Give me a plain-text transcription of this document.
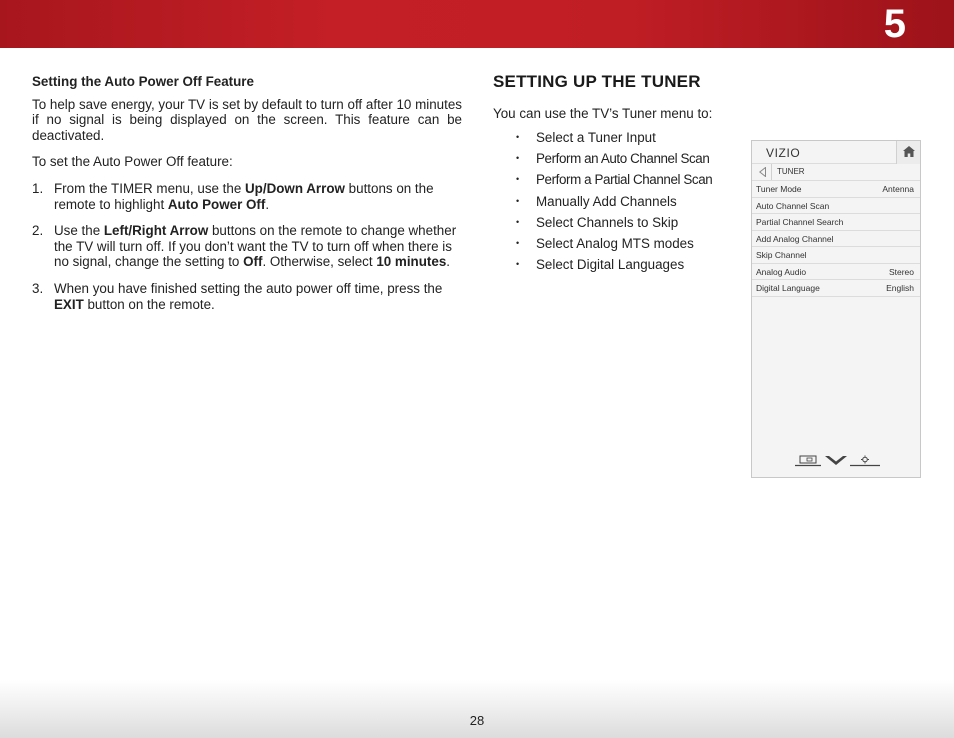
5
Setting the Auto Power Off Feature

To help save energy, your TV is set by default to turn off after 10 minutes if no signal is being displayed on the screen. This feature can be deactivated.

To set the Auto Power Off feature:

1. From the TIMER menu, use the Up/Down Arrow buttons on the remote to highlight Auto Power Off.
2. Use the Left/Right Arrow buttons on the remote to change whether the TV will turn off. If you don’t want the TV to turn off when there is no signal, change the setting to Off. Otherwise, select 10 minutes.
3. When you have finished setting the auto power off time, press the EXIT button on the remote.
SETTING UP THE TUNER
You can use the TV’s Tuner menu to:
• Select a Tuner Input
• Perform an Auto Channel Scan
• Perform a Partial Channel Scan
• Manually Add Channels
• Select Channels to Skip
• Select Analog MTS modes
• Select Digital Languages
VIZIO
TUNER
Tuner Mode	Antenna
Auto Channel Scan
Partial Channel Search
Add Analog Channel
Skip Channel
Analog Audio	Stereo
Digital Language	English
28
